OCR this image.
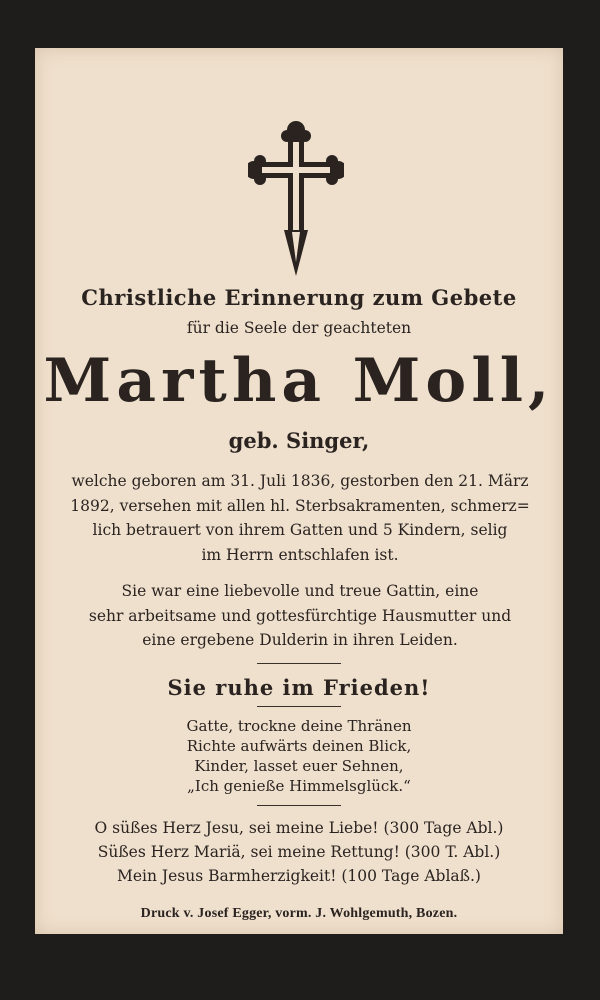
Christliche Erinnerung zum Gebete
für die Seele der geachteten
Martha Moll,
geb. Singer,
welche geboren am 31. Juli 1836, gestorben den 21. März
1892, versehen mit allen hl. Sterbsakramenten, schmerz=
lich betrauert von ihrem Gatten und 5 Kindern, selig
im Herrn entschlafen ist.
Sie war eine liebevolle und treue Gattin, eine
sehr arbeitsame und gottesfürchtige Hausmutter und
eine ergebene Dulderin in ihren Leiden.
Sie ruhe im Frieden!
Gatte, trockne deine Thränen
Richte aufwärts deinen Blick,
Kinder, lasset euer Sehnen,
„Ich genieße Himmelsglück.“
O süßes Herz Jesu, sei meine Liebe! (300 Tage Abl.)
Süßes Herz Mariä, sei meine Rettung! (300 T. Abl.)
Mein Jesus Barmherzigkeit! (100 Tage Ablaß.)
Druck v. Josef Egger, vorm. J. Wohlgemuth, Bozen.
